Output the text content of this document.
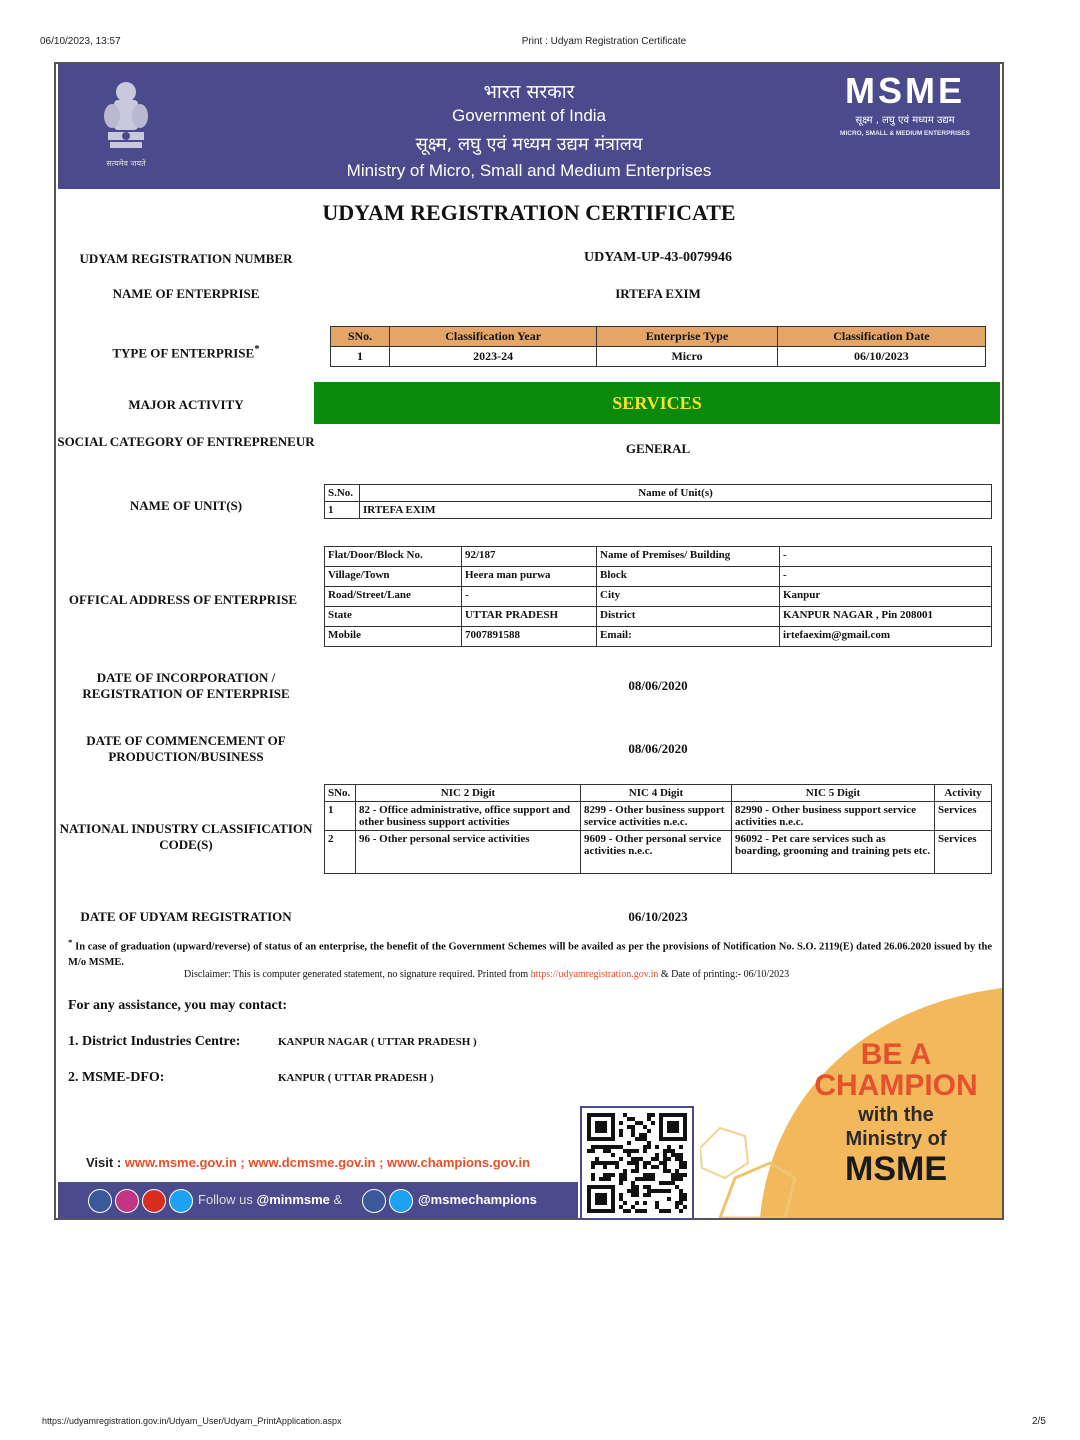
06/10/2023, 13:57	Print : Udyam Registration Certificate
सत्यमेव जयते
भारत सरकार
Government of India
सूक्ष्म, लघु एवं मध्यम उद्यम मंत्रालय
Ministry of Micro, Small and Medium Enterprises
MSME
सूक्ष्म , लघु एवं मध्यम उद्यम
MICRO, SMALL & MEDIUM ENTERPRISES
UDYAM REGISTRATION CERTIFICATE
UDYAM REGISTRATION NUMBER	UDYAM-UP-43-0079946
NAME OF ENTERPRISE	IRTEFA EXIM
TYPE OF ENTERPRISE*
SNo.	Classification Year	Enterprise Type	Classification Date
1	2023-24	Micro	06/10/2023
MAJOR ACTIVITY	SERVICES
SOCIAL CATEGORY OF ENTREPRENEUR	GENERAL
NAME OF UNIT(S)
S.No.	Name of Unit(s)
1	IRTEFA EXIM
OFFICAL ADDRESS OF ENTERPRISE
Flat/Door/Block No.	92/187	Name of Premises/ Building	-
Village/Town	Heera man purwa	Block	-
Road/Street/Lane	-	City	Kanpur
State	UTTAR PRADESH	District	KANPUR NAGAR , Pin 208001
Mobile	7007891588	Email:	irtefaexim@gmail.com
DATE OF INCORPORATION / REGISTRATION OF ENTERPRISE
08/06/2020
DATE OF COMMENCEMENT OF PRODUCTION/BUSINESS
08/06/2020
NATIONAL INDUSTRY CLASSIFICATION CODE(S)
SNo.	NIC 2 Digit	NIC 4 Digit	NIC 5 Digit	Activity
1	82 - Office administrative, office support and other business support activities	8299 - Other business support service activities n.e.c.	82990 - Other business support service activities n.e.c.	Services
2	96 - Other personal service activities	9609 - Other personal service activities n.e.c.	96092 - Pet care services such as boarding, grooming and training pets etc.	Services
DATE OF UDYAM REGISTRATION	06/10/2023
* In case of graduation (upward/reverse) of status of an enterprise, the benefit of the Government Schemes will be availed as per the provisions of Notification No. S.O. 2119(E) dated 26.06.2020 issued by the M/o MSME.
Disclaimer: This is computer generated statement, no signature required. Printed from https://udyamregistration.gov.in & Date of printing:- 06/10/2023
For any assistance, you may contact:
1. District Industries Centre:	KANPUR NAGAR ( UTTAR PRADESH )
2. MSME-DFO:	KANPUR ( UTTAR PRADESH )
BE A
CHAMPION
with the
Ministry of
MSME
Visit : www.msme.gov.in ; www.dcmsme.gov.in ; www.champions.gov.in
Follow us @minmsme &	@msmechampions
https://udyamregistration.gov.in/Udyam_User/Udyam_PrintApplication.aspx	2/5
